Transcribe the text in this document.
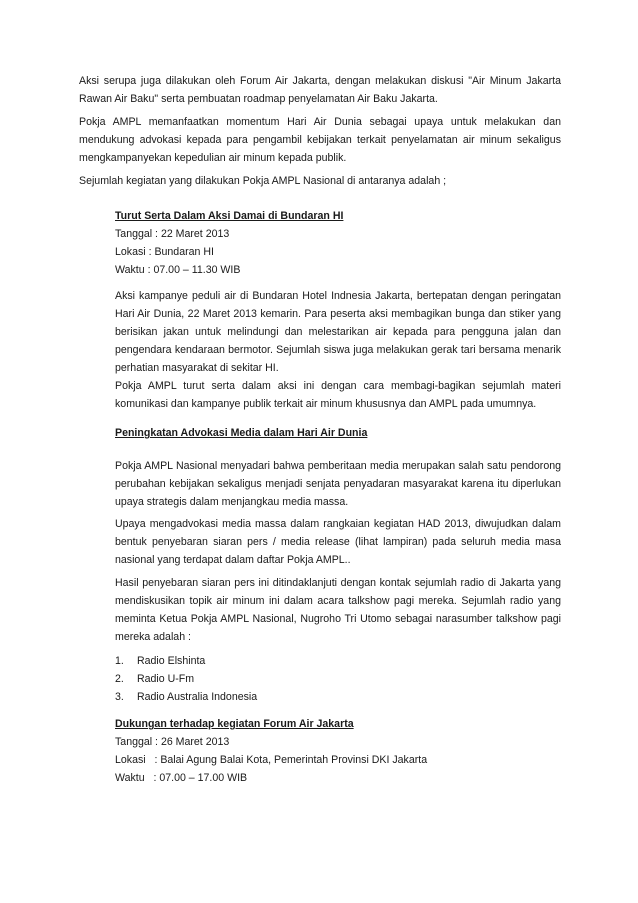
Aksi serupa juga dilakukan oleh Forum Air Jakarta, dengan melakukan diskusi "Air Minum Jakarta Rawan Air Baku" serta pembuatan roadmap penyelamatan Air Baku Jakarta.

Pokja AMPL memanfaatkan momentum Hari Air Dunia sebagai upaya untuk melakukan dan mendukung advokasi kepada para pengambil kebijakan terkait penyelamatan air minum sekaligus mengkampanyekan kepedulian air minum kepada publik.

Sejumlah kegiatan yang dilakukan Pokja AMPL Nasional di antaranya adalah ;

Turut Serta Dalam Aksi Damai di Bundaran HI
Tanggal : 22 Maret 2013
Lokasi : Bundaran HI
Waktu : 07.00 – 11.30 WIB

Aksi kampanye peduli air di Bundaran Hotel Indnesia Jakarta, bertepatan dengan peringatan Hari Air Dunia, 22 Maret 2013 kemarin. Para peserta aksi membagikan bunga dan stiker yang berisikan jakan untuk melindungi dan melestarikan air kepada para pengguna jalan dan pengendara kendaraan bermotor. Sejumlah siswa juga melakukan gerak tari bersama menarik perhatian masyarakat di sekitar HI.

Pokja AMPL turut serta dalam aksi ini dengan cara membagi-bagikan sejumlah materi komunikasi dan kampanye publik terkait air minum khususnya dan AMPL pada umumnya.

Peningkatan Advokasi Media dalam Hari Air Dunia

Pokja AMPL Nasional menyadari bahwa pemberitaan media merupakan salah satu pendorong perubahan kebijakan sekaligus menjadi senjata penyadaran masyarakat karena itu diperlukan upaya strategis dalam menjangkau media massa.

Upaya mengadvokasi media massa dalam rangkaian kegiatan HAD 2013, diwujudkan dalam bentuk penyebaran siaran pers / media release (lihat lampiran) pada seluruh media masa nasional yang terdapat dalam daftar Pokja AMPL..

Hasil penyebaran siaran pers ini ditindaklanjuti dengan kontak sejumlah radio di Jakarta yang mendiskusikan topik air minum ini dalam acara talkshow pagi mereka. Sejumlah radio yang meminta Ketua Pokja AMPL Nasional, Nugroho Tri Utomo sebagai narasumber talkshow pagi mereka adalah :

1.	Radio Elshinta
2.	Radio U-Fm
3.	Radio Australia Indonesia
Dukungan terhadap kegiatan Forum Air Jakarta
Tanggal : 26 Maret 2013
Lokasi   : Balai Agung Balai Kota, Pemerintah Provinsi DKI Jakarta
Waktu   : 07.00 – 17.00 WIB
